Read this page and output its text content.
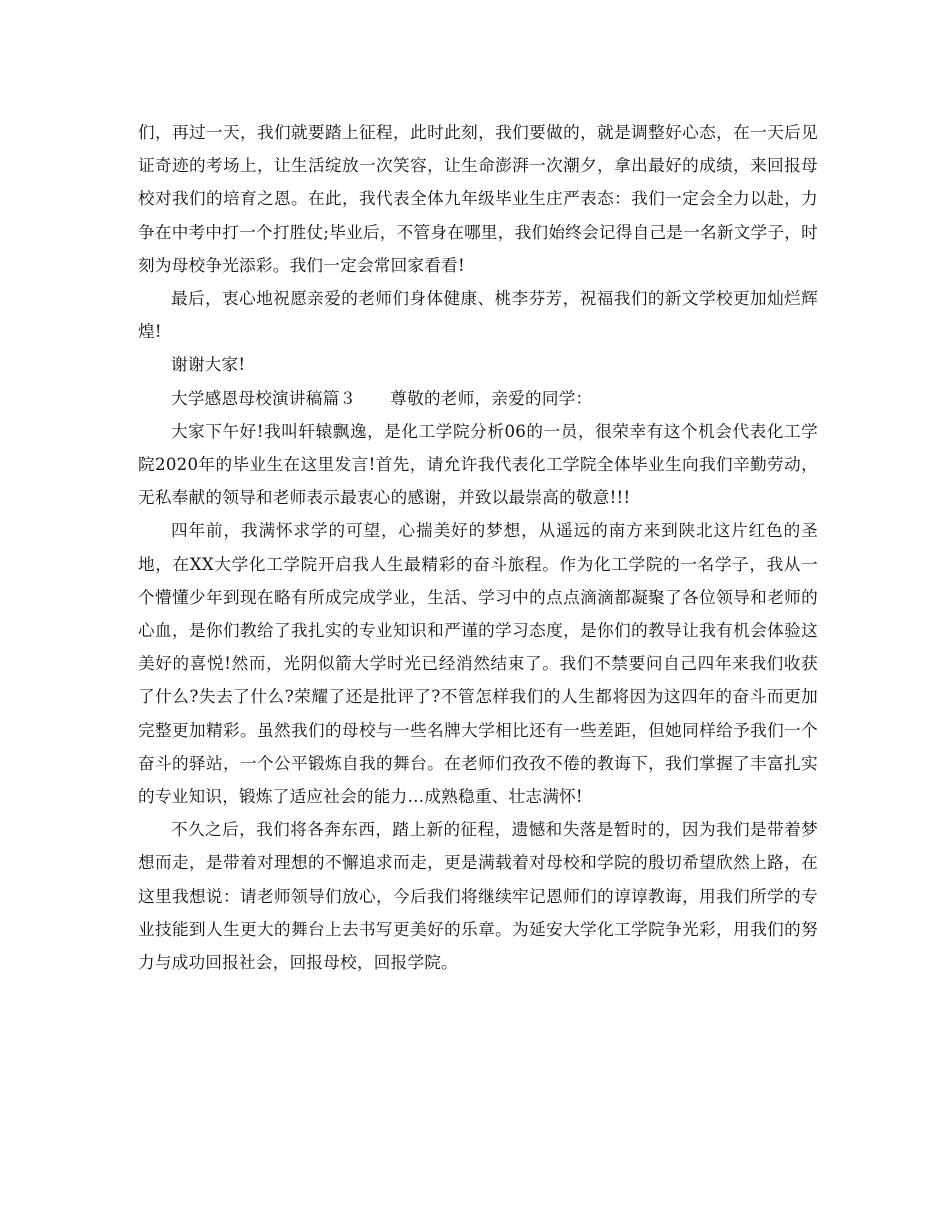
们，再过一天，我们就要踏上征程，此时此刻，我们要做的，就是调整好心态，在一天后见证奇迹的考场上，让生活绽放一次笑容，让生命澎湃一次潮夕，拿出最好的成绩，来回报母校对我们的培育之恩。在此，我代表全体九年级毕业生庄严表态：我们一定会全力以赴，力争在中考中打一个打胜仗;毕业后，不管身在哪里，我们始终会记得自己是一名新文学子，时刻为母校争光添彩。我们一定会常回家看看!

最后，衷心地祝愿亲爱的老师们身体健康、桃李芬芳，祝福我们的新文学校更加灿烂辉煌!

谢谢大家!

大学感恩母校演讲稿篇３ 尊敬的老师，亲爱的同学：

大家下午好!我叫轩辕飘逸，是化工学院分析06的一员，很荣幸有这个机会代表化工学院2020年的毕业生在这里发言!首先，请允许我代表化工学院全体毕业生向我们辛勤劳动，无私奉献的领导和老师表示最衷心的感谢，并致以最崇高的敬意!!!

四年前，我满怀求学的可望，心揣美好的梦想，从遥远的南方来到陕北这片红色的圣地，在XX大学化工学院开启我人生最精彩的奋斗旅程。作为化工学院的一名学子，我从一个懵懂少年到现在略有所成完成学业，生活、学习中的点点滴滴都凝聚了各位领导和老师的心血，是你们教给了我扎实的专业知识和严谨的学习态度，是你们的教导让我有机会体验这美好的喜悦!然而，光阴似箭大学时光已经消然结束了。我们不禁要问自己四年来我们收获了什么?失去了什么?荣耀了还是批评了?不管怎样我们的人生都将因为这四年的奋斗而更加完整更加精彩。虽然我们的母校与一些名牌大学相比还有一些差距，但她同样给予我们一个奋斗的驿站，一个公平锻炼自我的舞台。在老师们孜孜不倦的教诲下，我们掌握了丰富扎实的专业知识，锻炼了适应社会的能力…成熟稳重、壮志满怀!

不久之后，我们将各奔东西，踏上新的征程，遗憾和失落是暂时的，因为我们是带着梦想而走，是带着对理想的不懈追求而走，更是满载着对母校和学院的殷切希望欣然上路，在这里我想说：请老师领导们放心，今后我们将继续牢记恩师们的谆谆教诲，用我们所学的专业技能到人生更大的舞台上去书写更美好的乐章。为延安大学化工学院争光彩，用我们的努力与成功回报社会，回报母校，回报学院。
